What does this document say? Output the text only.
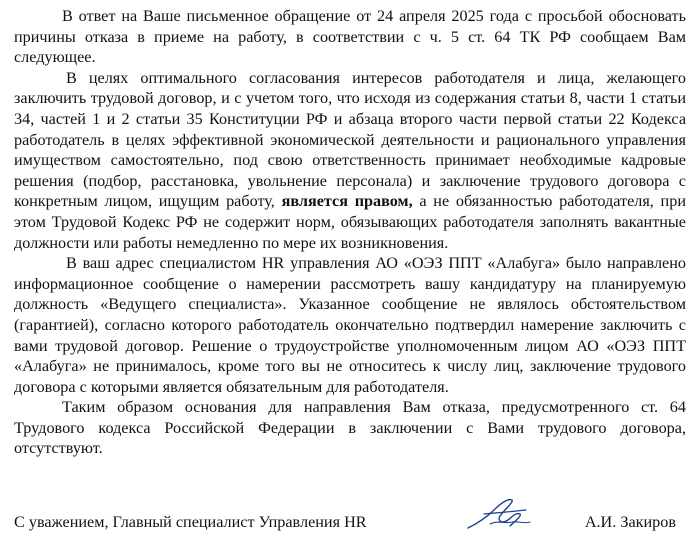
В ответ на Ваше письменное обращение от 24 апреля 2025 года с просьбой обосновать причины отказа в приеме на работу, в соответствии с ч. 5 ст. 64 ТК РФ сообщаем Вам следующее.

В целях оптимального согласования интересов работодателя и лица, желающего заключить трудовой договор, и с учетом того, что исходя из содержания статьи 8, части 1 статьи 34, частей 1 и 2 статьи 35 Конституции РФ и абзаца второго части первой статьи 22 Кодекса работодатель в целях эффективной экономической деятельности и рационального управления имуществом самостоятельно, под свою ответственность принимает необходимые кадровые решения (подбор, расстановка, увольнение персонала) и заключение трудового договора с конкретным лицом, ищущим работу, является правом, а не обязанностью работодателя, при этом Трудовой Кодекс РФ не содержит норм, обязывающих работодателя заполнять вакантные должности или работы немедленно по мере их возникновения.

В ваш адрес специалистом HR управления АО «ОЭЗ ППТ «Алабуга» было направлено информационное сообщение о намерении рассмотреть вашу кандидатуру на планируемую должность «Ведущего специалиста». Указанное сообщение не являлось обстоятельством (гарантией), согласно которого работодатель окончательно подтвердил намерение заключить с вами трудовой договор. Решение о трудоустройстве уполномоченным лицом АО «ОЭЗ ППТ «Алабуга» не принималось, кроме того вы не относитесь к числу лиц, заключение трудового договора с которыми является обязательным для работодателя.

Таким образом основания для направления Вам отказа, предусмотренного ст. 64 Трудового кодекса Российской Федерации в заключении с Вами трудового договора, отсутствуют.

С уважением, Главный специалист Управления HR	А.И. Закиров
